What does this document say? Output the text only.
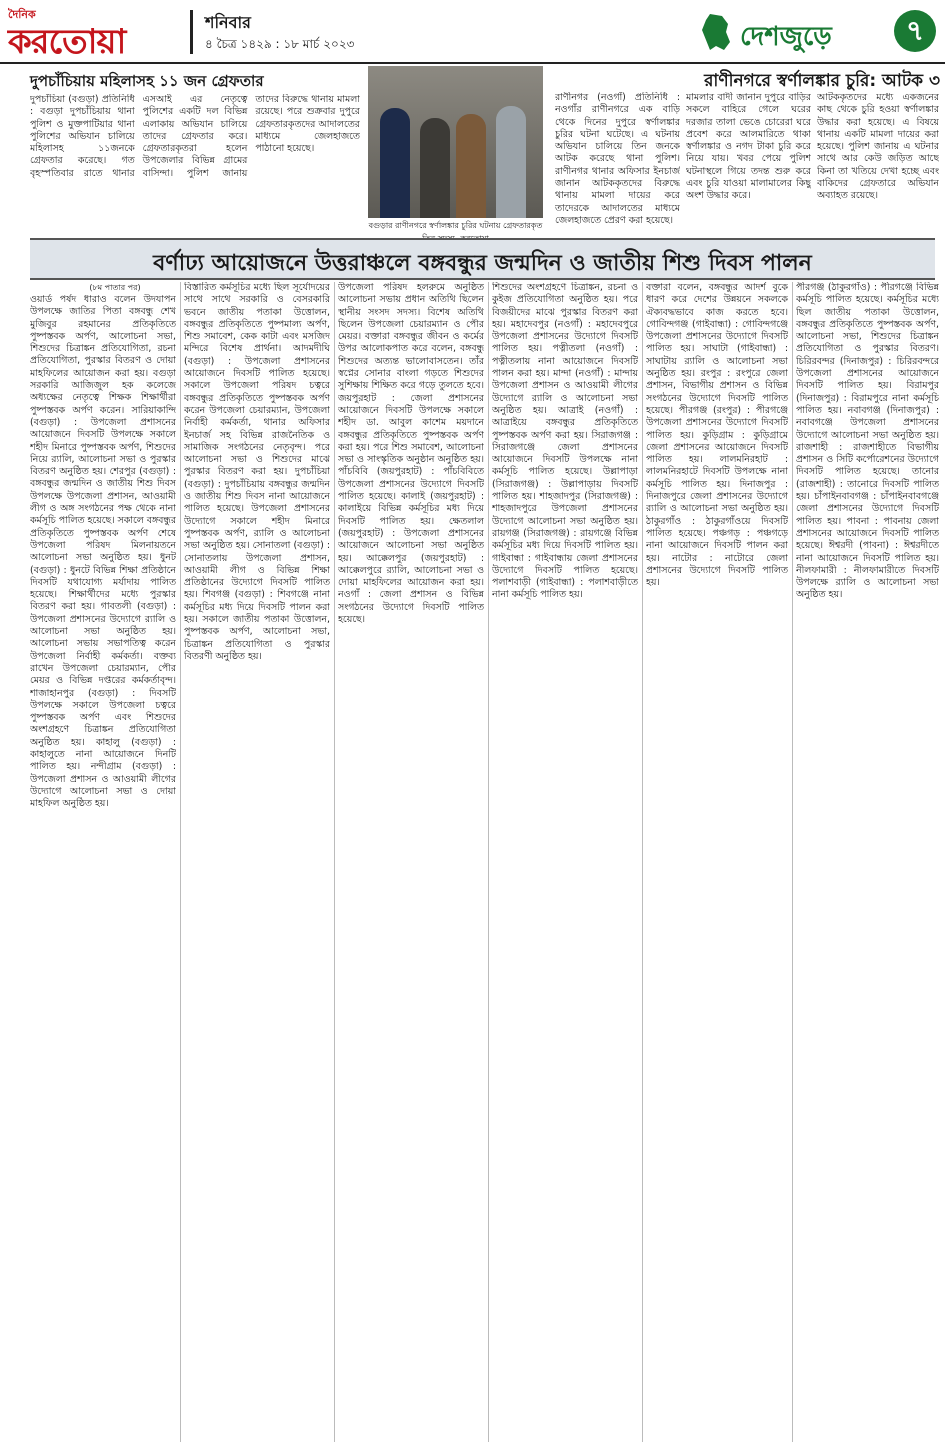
দৈনিক
করতোয়া	শনিবার
৪ চৈত্র ১৪২৯ : ১৮ মার্চ ২০২৩	দেশজুড়ে	৭
দুপচাঁচিয়ায় মহিলাসহ ১১ জন গ্রেফতার

দুপচাঁচিয়া (বগুড়া) প্রতিনিধি : বগুড়া দুপচাঁচিয়ায় থানা পুলিশ ও মুক্তপাটিয়ার থানা পুলিশের অভিযান চালিয়ে মহিলাসহ ১১জনকে গ্রেফতার করেছে। গত বৃহস্পতিবার রাতে থানার এসআই এর নেতৃত্বে পুলিশের একটি দল বিভিন্ন এলাকায় অভিযান চালিয়ে তাদের গ্রেফতার করে। গ্রেফতারকৃতরা হলেন উপজেলার বিভিন্ন গ্রামের বাসিন্দা। পুলিশ জানায় তাদের বিরুদ্ধে থানায় মামলা রয়েছে। পরে শুক্রবার দুপুরে গ্রেফতারকৃতদের আদালতের মাধ্যমে জেলহাজতে পাঠানো হয়েছে।

বগুড়ার রাণীনগরে স্বর্ণালঙ্কার চুরির ঘটনায় গ্রেফতারকৃত
রাণীনগরে স্বর্ণালঙ্কার চুরি: আটক ৩

রাণীনগর (নওগাঁ) প্রতিনিধি : নওগাঁর রাণীনগরে এক বাড়ি থেকে দিনের দুপুরে স্বর্ণালঙ্কার চুরির ঘটনা ঘটেছে। এ ঘটনায় অভিযান চালিয়ে তিন জনকে আটক করেছে থানা পুলিশ। রাণীনগর থানার অফিসার ইনচার্জ জানান আটককৃতদের বিরুদ্ধে থানায় মামলা দায়ের করে তাদেরকে আদালতের মাধ্যমে জেলহাজতে প্রেরণ করা হয়েছে।

মামলার বাদী জানান দুপুরে বাড়ির সকলে বাহিরে গেলে ঘরের দরজার তালা ভেঙে চোরেরা ঘরে প্রবেশ করে আলমারিতে থাকা স্বর্ণালঙ্কার ও নগদ টাকা চুরি করে নিয়ে যায়। খবর পেয়ে পুলিশ ঘটনাস্থলে গিয়ে তদন্ত শুরু করে এবং চুরি যাওয়া মালামালের কিছু অংশ উদ্ধার করে।

আটককৃতদের মধ্যে একজনের কাছ থেকে চুরি হওয়া স্বর্ণালঙ্কার উদ্ধার করা হয়েছে। এ বিষয়ে থানায় একটি মামলা দায়ের করা হয়েছে। পুলিশ জানায় এ ঘটনার সাথে আর কেউ জড়িত আছে কিনা তা খতিয়ে দেখা হচ্ছে এবং বাকিদের গ্রেফতারে অভিযান অব্যাহত রয়েছে।

বর্ণাঢ্য আয়োজনে উত্তরাঞ্চলে বঙ্গবন্ধুর জন্মদিন ও জাতীয় শিশু দিবস পালন
(৮ম পাতার পর)

ওয়ার্ড পর্ষদ ধারাও বলেন উদযাপন উপলক্ষে জাতির পিতা বঙ্গবন্ধু শেখ মুজিবুর রহমানের প্রতিকৃতিতে পুষ্পস্তবক অর্পণ, আলোচনা সভা, শিশুদের চিত্রাঙ্কন প্রতিযোগিতা, রচনা প্রতিযোগিতা, পুরস্কার বিতরণ ও দোয়া মাহফিলের আয়োজন করা হয়। বগুড়া সরকারি আজিজুল হক কলেজে অধ্যক্ষের নেতৃত্বে শিক্ষক শিক্ষার্থীরা পুষ্পস্তবক অর্পণ করেন। সারিয়াকান্দি (বগুড়া) : উপজেলা প্রশাসনের আয়োজনে দিবসটি উপলক্ষে সকালে শহীদ মিনারে পুষ্পস্তবক অর্পণ, শিশুদের নিয়ে র‌্যালি, আলোচনা সভা ও পুরস্কার বিতরণ অনুষ্ঠিত হয়। শেরপুর (বগুড়া) : বঙ্গবন্ধুর জন্মদিন ও জাতীয় শিশু দিবস উপলক্ষে উপজেলা প্রশাসন, আওয়ামী লীগ ও অঙ্গ সংগঠনের পক্ষ থেকে নানা কর্মসূচি পালিত হয়েছে। সকালে বঙ্গবন্ধুর প্রতিকৃতিতে পুষ্পস্তবক অর্পণ শেষে উপজেলা পরিষদ মিলনায়তনে আলোচনা সভা অনুষ্ঠিত হয়। ধুনট (বগুড়া) : ধুনটে বিভিন্ন শিক্ষা প্রতিষ্ঠানে দিবসটি যথাযোগ্য মর্যাদায় পালিত হয়েছে। শিক্ষার্থীদের মধ্যে পুরস্কার বিতরণ করা হয়। গাবতলী (বগুড়া) : উপজেলা প্রশাসনের উদ্যোগে র‌্যালি ও আলোচনা সভা অনুষ্ঠিত হয়। আলোচনা সভায় সভাপতিত্ব করেন উপজেলা নির্বাহী কর্মকর্তা। বক্তব্য রাখেন উপজেলা চেয়ারম্যান, পৌর মেয়র ও বিভিন্ন দপ্তরের কর্মকর্তাবৃন্দ। শাজাহানপুর (বগুড়া) : দিবসটি উপলক্ষে সকালে উপজেলা চত্বরে পুষ্পস্তবক অর্পণ এবং শিশুদের অংশগ্রহণে চিত্রাঙ্কন প্রতিযোগিতা অনুষ্ঠিত হয়। কাহালু (বগুড়া) : কাহালুতে নানা আয়োজনে দিনটি পালিত হয়। নন্দীগ্রাম (বগুড়া) : উপজেলা প্রশাসন ও আওয়ামী লীগের উদ্যোগে আলোচনা সভা ও দোয়া মাহফিল অনুষ্ঠিত হয়।

বিস্তারিত কর্মসূচির মধ্যে ছিল সূর্যোদয়ের সাথে সাথে সরকারি ও বেসরকারি ভবনে জাতীয় পতাকা উত্তোলন, বঙ্গবন্ধুর প্রতিকৃতিতে পুষ্পমাল্য অর্পণ, শিশু সমাবেশ, কেক কাটা এবং মসজিদ মন্দিরে বিশেষ প্রার্থনা। আদমদীঘি (বগুড়া) : উপজেলা প্রশাসনের আয়োজনে দিবসটি পালিত হয়েছে। সকালে উপজেলা পরিষদ চত্বরে বঙ্গবন্ধুর প্রতিকৃতিতে পুষ্পস্তবক অর্পণ করেন উপজেলা চেয়ারম্যান, উপজেলা নির্বাহী কর্মকর্তা, থানার অফিসার ইনচার্জ সহ বিভিন্ন রাজনৈতিক ও সামাজিক সংগঠনের নেতৃবৃন্দ। পরে আলোচনা সভা ও শিশুদের মাঝে পুরস্কার বিতরণ করা হয়। দুপচাঁচিয়া (বগুড়া) : দুপচাঁচিয়ায় বঙ্গবন্ধুর জন্মদিন ও জাতীয় শিশু দিবস নানা আয়োজনে পালিত হয়েছে। উপজেলা প্রশাসনের উদ্যোগে সকালে শহীদ মিনারে পুষ্পস্তবক অর্পণ, র‌্যালি ও আলোচনা সভা অনুষ্ঠিত হয়। সোনাতলা (বগুড়া) : সোনাতলায় উপজেলা প্রশাসন, আওয়ামী লীগ ও বিভিন্ন শিক্ষা প্রতিষ্ঠানের উদ্যোগে দিবসটি পালিত হয়। শিবগঞ্জ (বগুড়া) : শিবগঞ্জে নানা কর্মসূচির মধ্য দিয়ে দিবসটি পালন করা হয়। সকালে জাতীয় পতাকা উত্তোলন, পুষ্পস্তবক অর্পণ, আলোচনা সভা, চিত্রাঙ্কন প্রতিযোগিতা ও পুরস্কার বিতরণী অনুষ্ঠিত হয়।

উপজেলা পরিষদ হলরুমে অনুষ্ঠিত আলোচনা সভায় প্রধান অতিথি ছিলেন স্থানীয় সংসদ সদস্য। বিশেষ অতিথি ছিলেন উপজেলা চেয়ারম্যান ও পৌর মেয়র। বক্তারা বঙ্গবন্ধুর জীবন ও কর্মের উপর আলোকপাত করে বলেন, বঙ্গবন্ধু শিশুদের অত্যন্ত ভালোবাসতেন। তাঁর স্বপ্নের সোনার বাংলা গড়তে শিশুদের সুশিক্ষায় শিক্ষিত করে গড়ে তুলতে হবে। জয়পুরহাট : জেলা প্রশাসনের আয়োজনে দিবসটি উপলক্ষে সকালে শহীদ ডা. আবুল কাশেম ময়দানে বঙ্গবন্ধুর প্রতিকৃতিতে পুষ্পস্তবক অর্পণ করা হয়। পরে শিশু সমাবেশ, আলোচনা সভা ও সাংস্কৃতিক অনুষ্ঠান অনুষ্ঠিত হয়। পাঁচবিবি (জয়পুরহাট) : পাঁচবিবিতে উপজেলা প্রশাসনের উদ্যোগে দিবসটি পালিত হয়েছে। কালাই (জয়পুরহাট) : কালাইয়ে বিভিন্ন কর্মসূচির মধ্য দিয়ে দিবসটি পালিত হয়। ক্ষেতলাল (জয়পুরহাট) : উপজেলা প্রশাসনের আয়োজনে আলোচনা সভা অনুষ্ঠিত হয়। আক্কেলপুর (জয়পুরহাট) : আক্কেলপুরে র‌্যালি, আলোচনা সভা ও দোয়া মাহফিলের আয়োজন করা হয়। নওগাঁ : জেলা প্রশাসন ও বিভিন্ন সংগঠনের উদ্যোগে দিবসটি পালিত হয়েছে।

শিশুদের অংশগ্রহণে চিত্রাঙ্কন, রচনা ও কুইজ প্রতিযোগিতা অনুষ্ঠিত হয়। পরে বিজয়ীদের মাঝে পুরস্কার বিতরণ করা হয়। মহাদেবপুর (নওগাঁ) : মহাদেবপুরে উপজেলা প্রশাসনের উদ্যোগে দিবসটি পালিত হয়। পত্নীতলা (নওগাঁ) : পত্নীতলায় নানা আয়োজনে দিবসটি পালন করা হয়। মান্দা (নওগাঁ) : মান্দায় উপজেলা প্রশাসন ও আওয়ামী লীগের উদ্যোগে র‌্যালি ও আলোচনা সভা অনুষ্ঠিত হয়। আত্রাই (নওগাঁ) : আত্রাইয়ে বঙ্গবন্ধুর প্রতিকৃতিতে পুষ্পস্তবক অর্পণ করা হয়। সিরাজগঞ্জ : সিরাজগঞ্জে জেলা প্রশাসনের আয়োজনে দিবসটি উপলক্ষে নানা কর্মসূচি পালিত হয়েছে। উল্লাপাড়া (সিরাজগঞ্জ) : উল্লাপাড়ায় দিবসটি পালিত হয়। শাহজাদপুর (সিরাজগঞ্জ) : শাহজাদপুরে উপজেলা প্রশাসনের উদ্যোগে আলোচনা সভা অনুষ্ঠিত হয়। রায়গঞ্জ (সিরাজগঞ্জ) : রায়গঞ্জে বিভিন্ন কর্মসূচির মধ্য দিয়ে দিবসটি পালিত হয়। গাইবান্ধা : গাইবান্ধায় জেলা প্রশাসনের উদ্যোগে দিবসটি পালিত হয়েছে। পলাশবাড়ী (গাইবান্ধা) : পলাশবাড়ীতে নানা কর্মসূচি পালিত হয়।

বক্তারা বলেন, বঙ্গবন্ধুর আদর্শ বুকে ধারণ করে দেশের উন্নয়নে সকলকে ঐক্যবদ্ধভাবে কাজ করতে হবে। গোবিন্দগঞ্জ (গাইবান্ধা) : গোবিন্দগঞ্জে উপজেলা প্রশাসনের উদ্যোগে দিবসটি পালিত হয়। সাঘাটা (গাইবান্ধা) : সাঘাটায় র‌্যালি ও আলোচনা সভা অনুষ্ঠিত হয়। রংপুর : রংপুরে জেলা প্রশাসন, বিভাগীয় প্রশাসন ও বিভিন্ন সংগঠনের উদ্যোগে দিবসটি পালিত হয়েছে। পীরগঞ্জ (রংপুর) : পীরগঞ্জে উপজেলা প্রশাসনের উদ্যোগে দিবসটি পালিত হয়। কুড়িগ্রাম : কুড়িগ্রামে জেলা প্রশাসনের আয়োজনে দিবসটি পালিত হয়। লালমনিরহাট : লালমনিরহাটে দিবসটি উপলক্ষে নানা কর্মসূচি পালিত হয়। দিনাজপুর : দিনাজপুরে জেলা প্রশাসনের উদ্যোগে র‌্যালি ও আলোচনা সভা অনুষ্ঠিত হয়। ঠাকুরগাঁও : ঠাকুরগাঁওয়ে দিবসটি পালিত হয়েছে। পঞ্চগড় : পঞ্চগড়ে নানা আয়োজনে দিবসটি পালন করা হয়। নাটোর : নাটোরে জেলা প্রশাসনের উদ্যোগে দিবসটি পালিত হয়।

পীরগঞ্জ (ঠাকুরগাঁও) : পীরগঞ্জে বিভিন্ন কর্মসূচি পালিত হয়েছে। কর্মসূচির মধ্যে ছিল জাতীয় পতাকা উত্তোলন, বঙ্গবন্ধুর প্রতিকৃতিতে পুষ্পস্তবক অর্পণ, আলোচনা সভা, শিশুদের চিত্রাঙ্কন প্রতিযোগিতা ও পুরস্কার বিতরণ। চিরিরবন্দর (দিনাজপুর) : চিরিরবন্দরে উপজেলা প্রশাসনের আয়োজনে দিবসটি পালিত হয়। বিরামপুর (দিনাজপুর) : বিরামপুরে নানা কর্মসূচি পালিত হয়। নবাবগঞ্জ (দিনাজপুর) : নবাবগঞ্জে উপজেলা প্রশাসনের উদ্যোগে আলোচনা সভা অনুষ্ঠিত হয়। রাজশাহী : রাজশাহীতে বিভাগীয় প্রশাসন ও সিটি কর্পোরেশনের উদ্যোগে দিবসটি পালিত হয়েছে। তানোর (রাজশাহী) : তানোরে দিবসটি পালিত হয়। চাঁপাইনবাবগঞ্জ : চাঁপাইনবাবগঞ্জে জেলা প্রশাসনের উদ্যোগে দিবসটি পালিত হয়। পাবনা : পাবনায় জেলা প্রশাসনের আয়োজনে দিবসটি পালিত হয়েছে। ঈশ্বরদী (পাবনা) : ঈশ্বরদীতে নানা আয়োজনে দিবসটি পালিত হয়। নীলফামারী : নীলফামারীতে দিবসটি উপলক্ষে র‌্যালি ও আলোচনা সভা অনুষ্ঠিত হয়।
